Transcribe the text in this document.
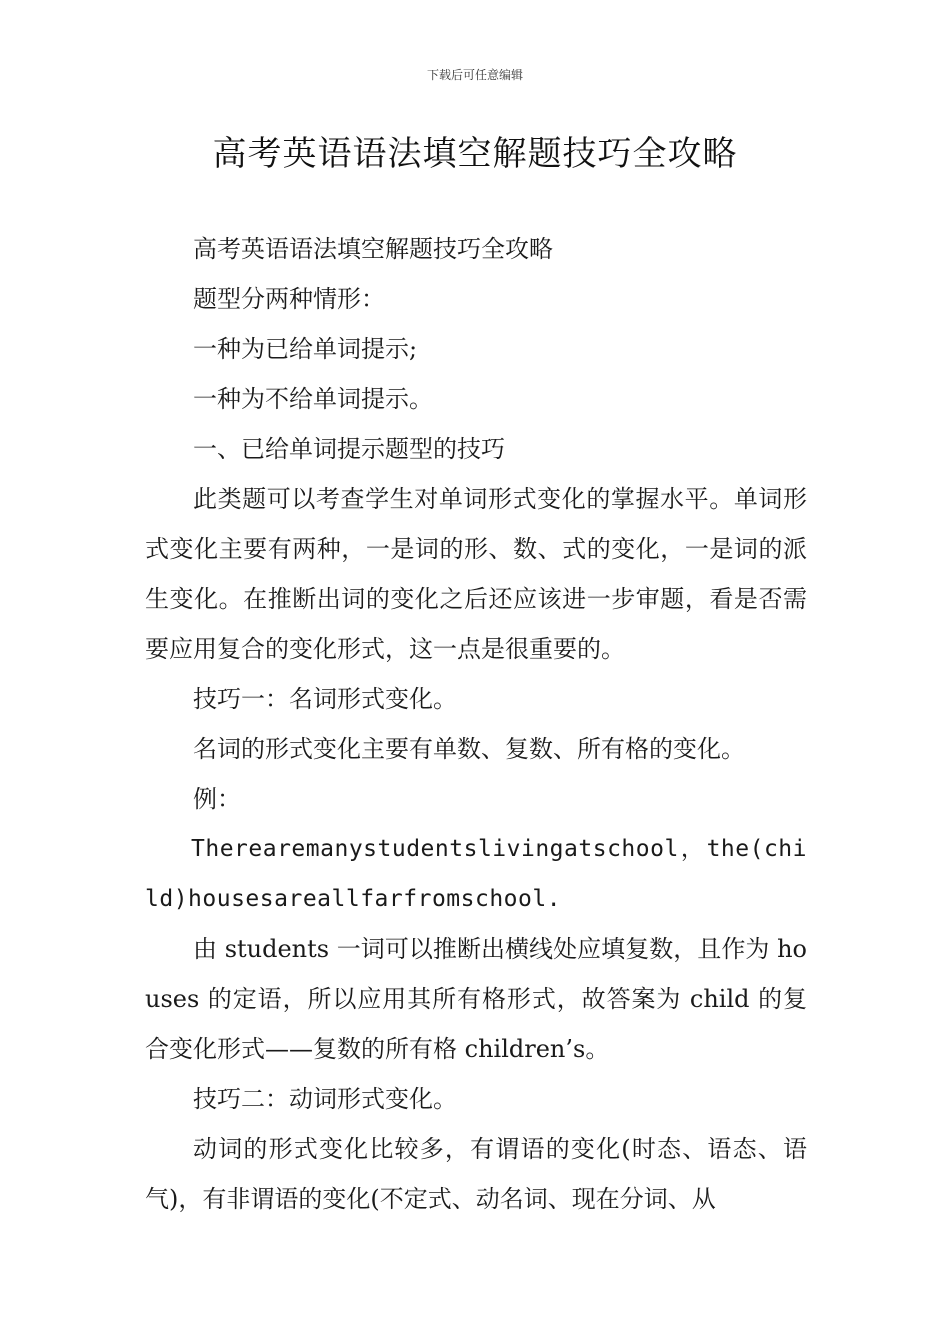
下载后可任意编辑
高考英语语法填空解题技巧全攻略

高考英语语法填空解题技巧全攻略

题型分两种情形：

一种为已给单词提示;

一种为不给单词提示。

一、已给单词提示题型的技巧

此类题可以考查学生对单词形式变化的掌握水平。单词形式变化主要有两种，一是词的形、数、式的变化，一是词的派生变化。在推断出词的变化之后还应该进一步审题，看是否需要应用复合的变化形式，这一点是很重要的。

技巧一：名词形式变化。

名词的形式变化主要有单数、复数、所有格的变化。

例：

Therearemanystudentslivingatschool，the(child)housesareallfarfromschool.

由 students 一词可以推断出横线处应填复数，且作为 houses 的定语，所以应用其所有格形式，故答案为 child 的复合变化形式——复数的所有格 children’s。

技巧二：动词形式变化。

动词的形式变化比较多，有谓语的变化(时态、语态、语气)，有非谓语的变化(不定式、动名词、现在分词、从
